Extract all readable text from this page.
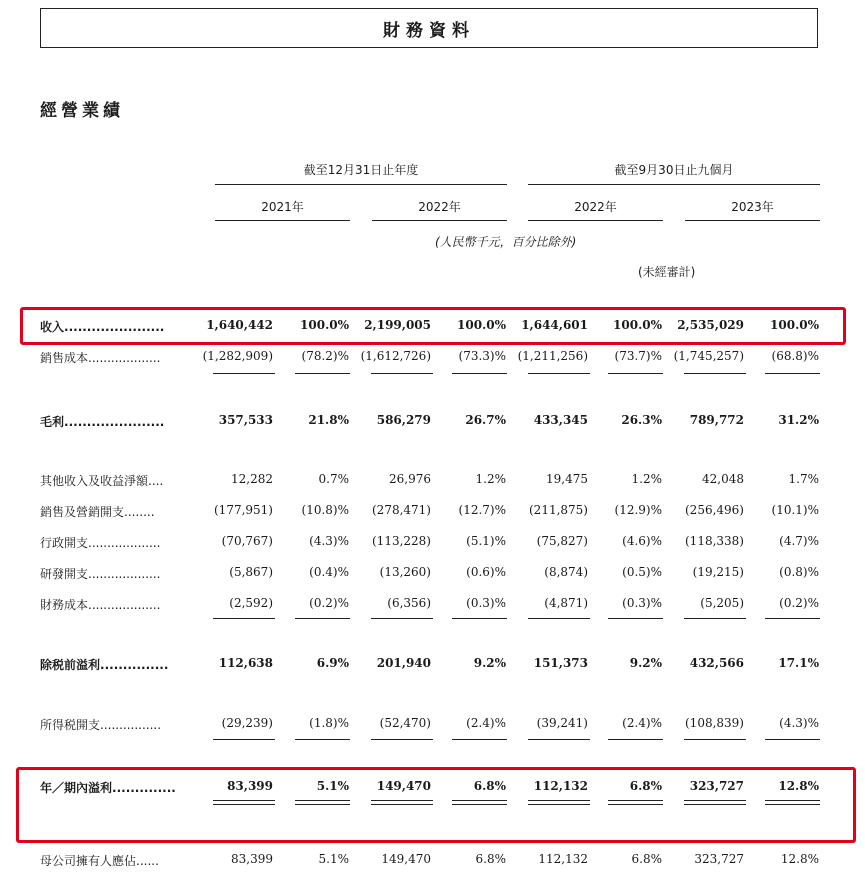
財務資料
經營業績
截至12月31日止年度	截至9月30日止九個月
2021年	2022年	2022年	2023年
(人民幣千元，百分比除外)
(未經審計)
收入......................	1,640,442 100.0% 2,199,005 100.0% 1,644,601 100.0% 2,535,029 100.0%
銷售成本...................	(1,282,909) (78.2)% (1,612,726) (73.3)% (1,211,256) (73.7)% (1,745,257) (68.8)%
毛利......................	357,533	21.8% 586,279	26.7% 433,345	26.3% 789,772	31.2%
其他收入及收益淨額....	12,282	0.7%	26,976	1.2%	19,475	1.2%	42,048	1.7%
銷售及營銷開支........	(177,951) (10.8)% (278,471) (12.7)% (211,875) (12.9)% (256,496) (10.1)%
行政開支...................	(70,767)	(4.3)% (113,228)	(5.1)%	(75,827)	(4.6)% (118,338)	(4.7)%
研發開支...................	(5,867)	(0.4)%	(13,260)	(0.6)%	(8,874)	(0.5)%	(19,215)	(0.8)%
財務成本...................	(2,592)	(0.2)%	(6,356)	(0.3)%	(4,871)	(0.3)%	(5,205)	(0.2)%
除税前溢利...............	112,638	6.9% 201,940	9.2% 151,373	9.2% 432,566	17.1%
所得税開支................	(29,239)	(1.8)%	(52,470)	(2.4)%	(39,241)	(2.4)% (108,839)	(4.3)%
年／期內溢利..............	83,399	5.1% 149,470	6.8% 112,132	6.8% 323,727	12.8%
母公司擁有人應佔......	83,399	5.1%	149,470	6.8%	112,132	6.8%	323,727	12.8%
